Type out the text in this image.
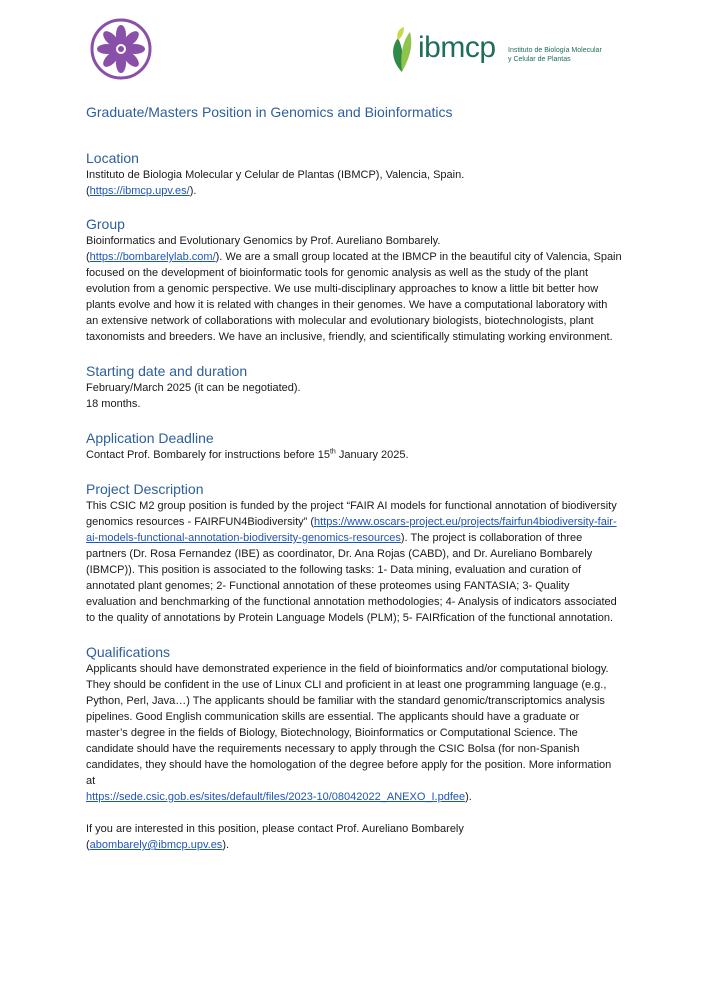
ibmcp Instituto de Biología Molecular
y Celular de Plantas
Graduate/Masters Position in Genomics and Bioinformatics
Location

Instituto de Biologia Molecular y Celular de Plantas (IBMCP), Valencia, Spain.
(https://ibmcp.upv.es/).

Group

Bioinformatics and Evolutionary Genomics by Prof. Aureliano Bombarely.
(https://bombarelylab.com/). We are a small group located at the IBMCP in the beautiful city of Valencia, Spain focused on the development of bioinformatic tools for genomic analysis as well as the study of the plant evolution from a genomic perspective. We use multi-disciplinary approaches to know a little bit better how plants evolve and how it is related with changes in their genomes. We have a computational laboratory with an extensive network of collaborations with molecular and evolutionary biologists, biotechnologists, plant taxonomists and breeders. We have an inclusive, friendly, and scientifically stimulating working environment.

Starting date and duration

February/March 2025 (it can be negotiated).
18 months.

Application Deadline

Contact Prof. Bombarely for instructions before 15th January 2025.

Project Description

This CSIC M2 group position is funded by the project “FAIR AI models for functional annotation of biodiversity genomics resources - FAIRFUN4Biodiversity” (https://www.oscars-project.eu/projects/fairfun4biodiversity-fair-ai-models-functional-annotation-biodiversity-genomics-resources). The project is collaboration of three partners (Dr. Rosa Fernandez (IBE) as coordinator, Dr. Ana Rojas (CABD), and Dr. Aureliano Bombarely (IBMCP)). This position is associated to the following tasks: 1- Data mining, evaluation and curation of annotated plant genomes; 2- Functional annotation of these proteomes using FANTASIA; 3- Quality evaluation and benchmarking of the functional annotation methodologies; 4- Analysis of indicators associated to the quality of annotations by Protein Language Models (PLM); 5- FAIRfication of the functional annotation.

Qualifications

Applicants should have demonstrated experience in the field of bioinformatics and/or computational biology. They should be confident in the use of Linux CLI and proficient in at least one programming language (e.g., Python, Perl, Java…) The applicants should be familiar with the standard genomic/transcriptomics analysis pipelines. Good English communication skills are essential. The applicants should have a graduate or master’s degree in the fields of Biology, Biotechnology, Bioinformatics or Computational Science. The candidate should have the requirements necessary to apply through the CSIC Bolsa (for non-Spanish candidates, they should have the homologation of the degree before apply for the position. More information at
https://sede.csic.gob.es/sites/default/files/2023-10/08042022_ANEXO_I.pdfee).

If you are interested in this position, please contact Prof. Aureliano Bombarely
(abombarely@ibmcp.upv.es).
